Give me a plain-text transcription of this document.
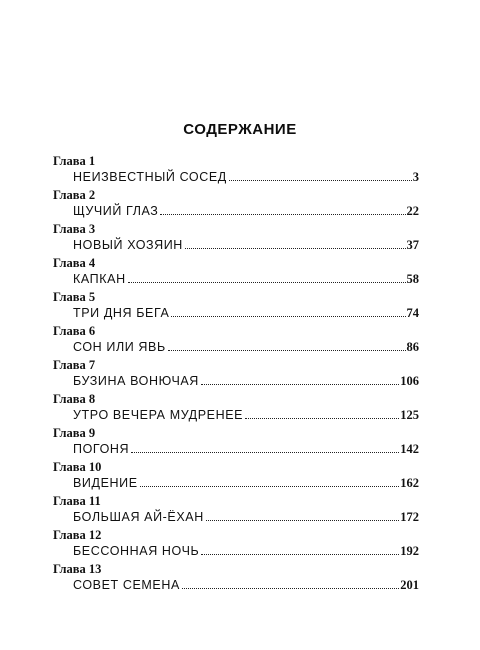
СОДЕРЖАНИЕ
Глава 1
НЕИЗВЕСТНЫЙ СОСЕД	3
Глава 2
ЩУЧИЙ ГЛАЗ	22
Глава 3
НОВЫЙ ХОЗЯИН	37
Глава 4
КАПКАН	58
Глава 5
ТРИ ДНЯ БЕГА	74
Глава 6
СОН ИЛИ ЯВЬ	86
Глава 7
БУЗИНА ВОНЮЧАЯ	106
Глава 8
УТРО ВЕЧЕРА МУДРЕНЕЕ	125
Глава 9
ПОГОНЯ	142
Глава 10
ВИДЕНИЕ	162
Глава 11
БОЛЬШАЯ АЙ-ЁХАН	172
Глава 12
БЕССОННАЯ НОЧЬ	192
Глава 13
СОВЕТ СЕМЕНА	201
